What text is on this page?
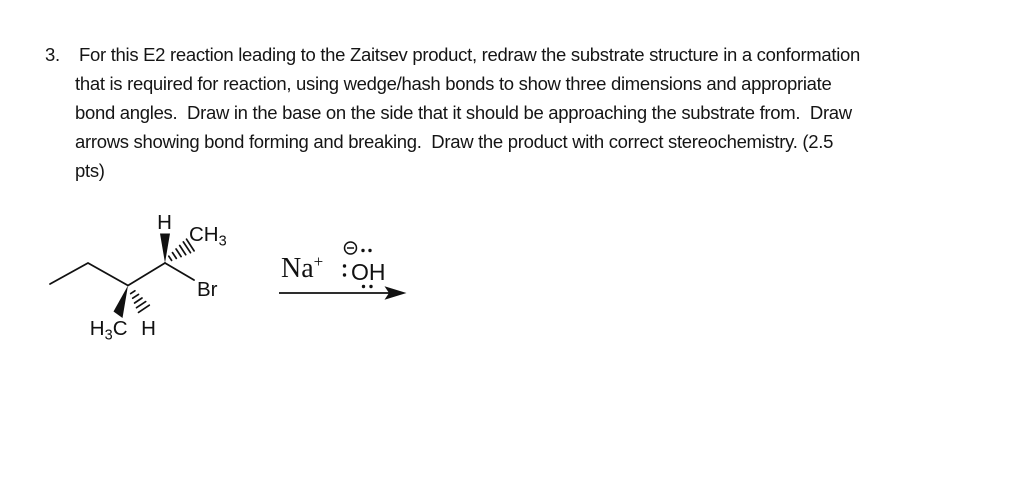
3. For this E2 reaction leading to the Zaitsev product, redraw the substrate structure in a conformation
that is required for reaction, using wedge/hash bonds to show three dimensions and appropriate
bond angles.  Draw in the base on the side that it should be approaching the substrate from.  Draw
arrows showing bond forming and breaking.  Draw the product with correct stereochemistry. (2.5
pts)
H
$CH_3$
Br
$H_3C$ H
Na+ OH
